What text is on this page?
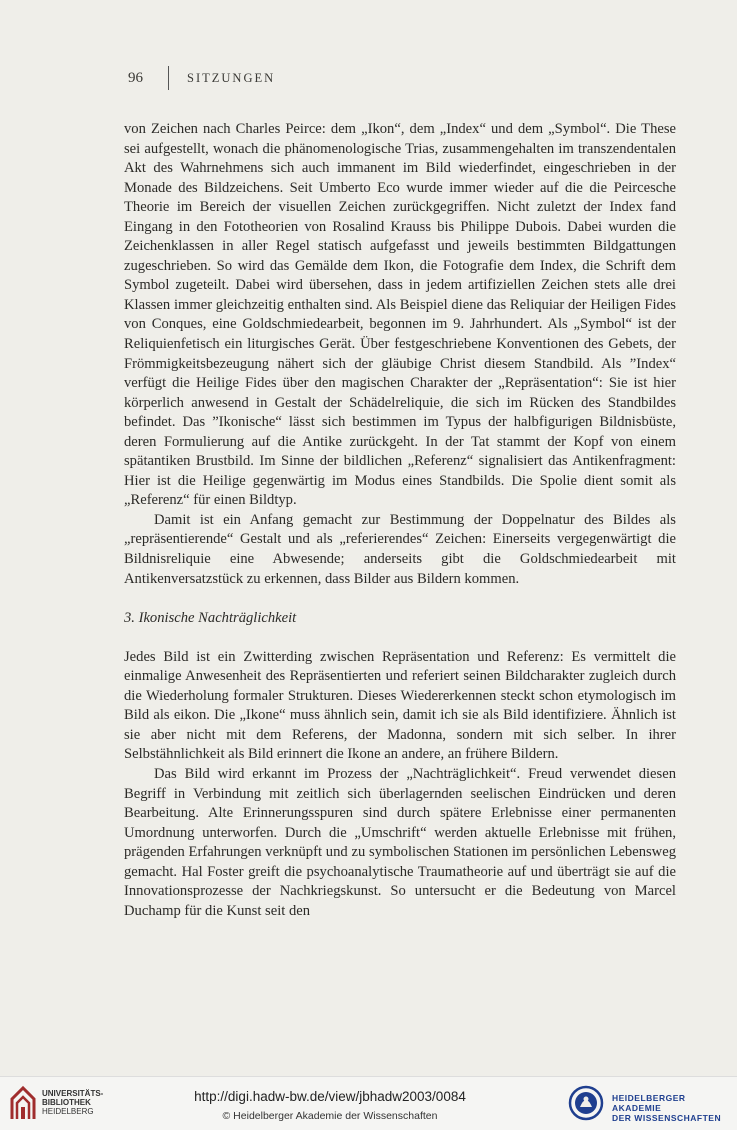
96	SITZUNGEN

von Zeichen nach Charles Peirce: dem „Ikon“, dem „Index“ und dem „Symbol“. Die These sei aufgestellt, wonach die phänomenologische Trias, zusammengehalten im transzendentalen Akt des Wahrnehmens sich auch immanent im Bild wiederfindet, eingeschrieben in der Monade des Bildzeichens. Seit Umberto Eco wurde immer wieder auf die die Peircesche Theorie im Bereich der visuellen Zeichen zurückgegriffen. Nicht zuletzt der Index fand Eingang in den Fototheorien von Rosalind Krauss bis Philippe Dubois. Dabei wurden die Zeichenklassen in aller Regel statisch aufgefasst und jeweils bestimmten Bildgattungen zugeschrieben. So wird das Gemälde dem Ikon, die Fotografie dem Index, die Schrift dem Symbol zugeteilt. Dabei wird übersehen, dass in jedem artifiziellen Zeichen stets alle drei Klassen immer gleichzeitig enthalten sind. Als Beispiel diene das Reliquiar der Heiligen Fides von Conques, eine Goldschmiedearbeit, begonnen im 9. Jahrhundert. Als „Symbol“ ist der Reliquienfetisch ein liturgisches Gerät. Über festgeschriebene Konventionen des Gebets, der Frömmigkeitsbezeugung nähert sich der gläubige Christ diesem Standbild. Als ”Index“ verfügt die Heilige Fides über den magischen Charakter der „Repräsentation“: Sie ist hier körperlich anwesend in Gestalt der Schädelreliquie, die sich im Rücken des Standbildes befindet. Das ”Ikonische“ lässt sich bestimmen im Typus der halbfigurigen Bildnisbüste, deren Formulierung auf die Antike zurückgeht. In der Tat stammt der Kopf von einem spätantiken Brustbild. Im Sinne der bildlichen „Referenz“ signalisiert das Antikenfragment: Hier ist die Heilige gegenwärtig im Modus eines Standbilds. Die Spolie dient somit als „Referenz“ für einen Bildtyp.

Damit ist ein Anfang gemacht zur Bestimmung der Doppelnatur des Bildes als „repräsentierende“ Gestalt und als „referierendes“ Zeichen: Einerseits vergegenwärtigt die Bildnisreliquie eine Abwesende; anderseits gibt die Goldschmiedearbeit mit Antikenversatzstück zu erkennen, dass Bilder aus Bildern kommen.

3. Ikonische Nachträglichkeit

Jedes Bild ist ein Zwitterding zwischen Repräsentation und Referenz: Es vermittelt die einmalige Anwesenheit des Repräsentierten und referiert seinen Bildcharakter zugleich durch die Wiederholung formaler Strukturen. Dieses Wiedererkennen steckt schon etymologisch im Bild als eikon. Die „Ikone“ muss ähnlich sein, damit ich sie als Bild identifiziere. Ähnlich ist sie aber nicht mit dem Referens, der Madonna, sondern mit sich selber. In ihrer Selbstähnlichkeit als Bild erinnert die Ikone an andere, an frühere Bildern.

Das Bild wird erkannt im Prozess der „Nachträglichkeit“. Freud verwendet diesen Begriff in Verbindung mit zeitlich sich überlagernden seelischen Eindrücken und deren Bearbeitung. Alte Erinnerungsspuren sind durch spätere Erlebnisse einer permanenten Umordnung unterworfen. Durch die „Umschrift“ werden aktuelle Erlebnisse mit frühen, prägenden Erfahrungen verknüpft und zu symbolischen Stationen im persönlichen Lebensweg gemacht. Hal Foster greift die psychoanalytische Traumatheorie auf und überträgt sie auf die Innovationsprozesse der Nachkriegskunst. So untersucht er die Bedeutung von Marcel Duchamp für die Kunst seit den

UNIVERSITÄTS-
BIBLIOTHEK
HEIDELBERG
http://digi.hadw-bw.de/view/jbhadw2003/0084
© Heidelberger Akademie der Wissenschaften
HEIDELBERGER AKADEMIE
DER WISSENSCHAFTEN
